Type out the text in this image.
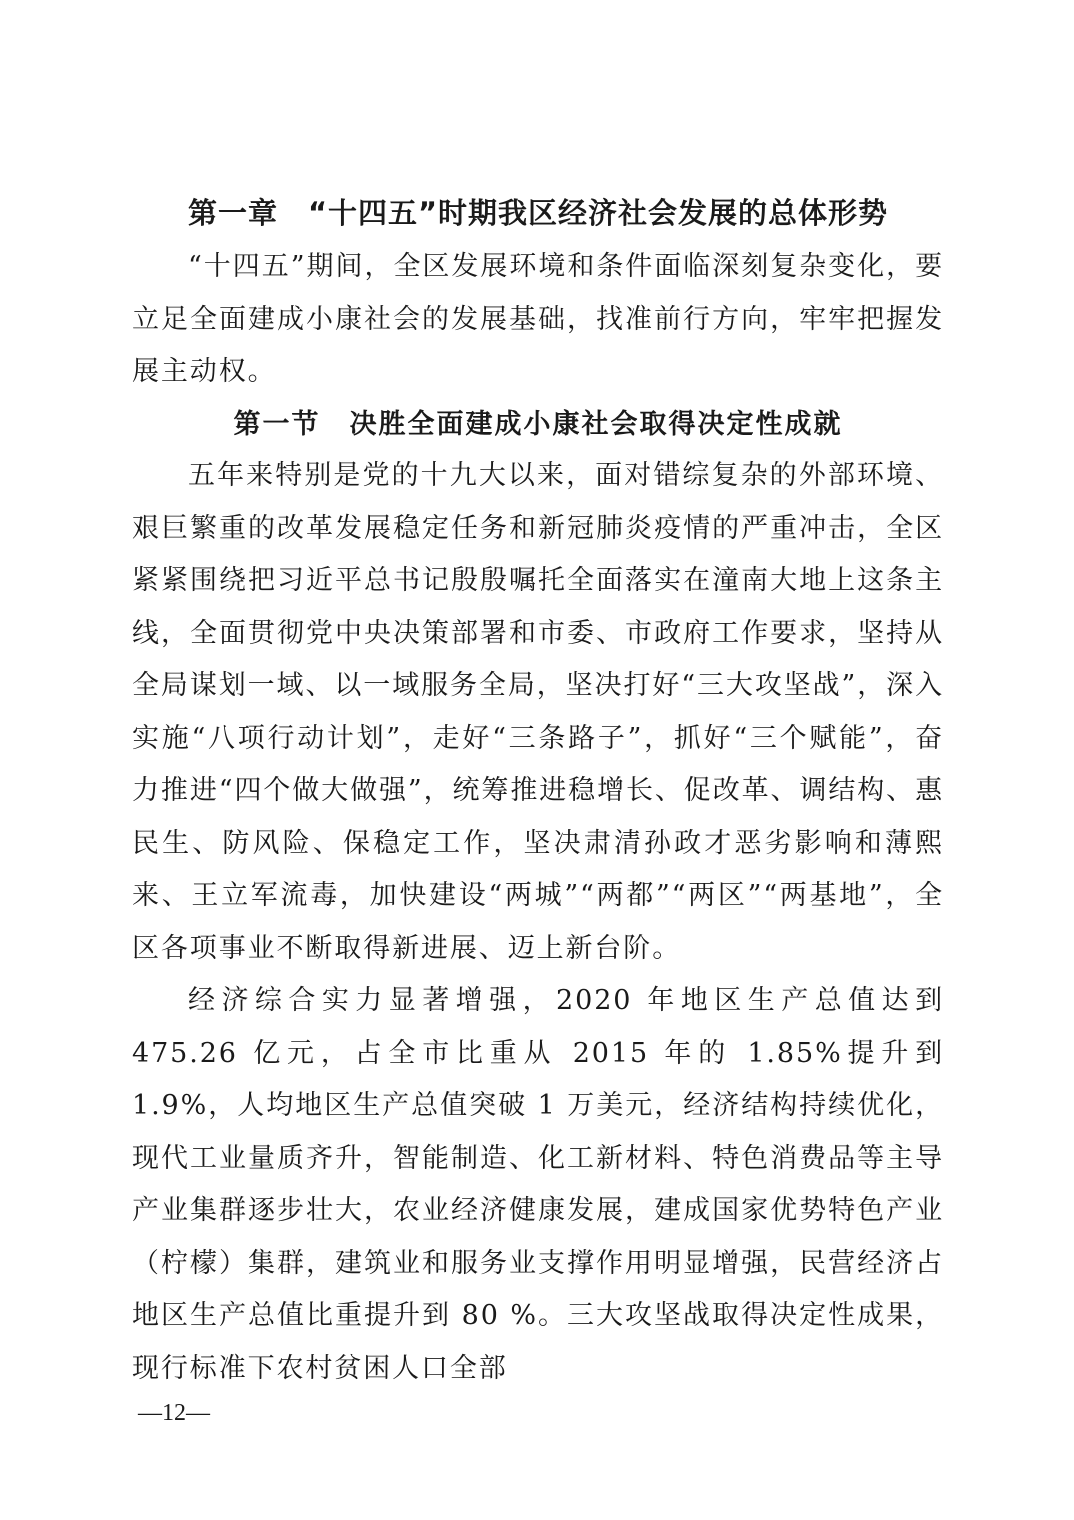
第一章　“十四五”时期我区经济社会发展的总体形势

“十四五”期间，全区发展环境和条件面临深刻复杂变化，要立足全面建成小康社会的发展基础，找准前行方向，牢牢把握发展主动权。

第一节　决胜全面建成小康社会取得决定性成就

五年来特别是党的十九大以来，面对错综复杂的外部环境、艰巨繁重的改革发展稳定任务和新冠肺炎疫情的严重冲击，全区紧紧围绕把习近平总书记殷殷嘱托全面落实在潼南大地上这条主线，全面贯彻党中央决策部署和市委、市政府工作要求，坚持从全局谋划一域、以一域服务全局，坚决打好“三大攻坚战”，深入实施“八项行动计划”，走好“三条路子”，抓好“三个赋能”，奋力推进“四个做大做强”，统筹推进稳增长、促改革、调结构、惠民生、防风险、保稳定工作，坚决肃清孙政才恶劣影响和薄熙来、王立军流毒，加快建设“两城”“两都”“两区”“两基地”，全区各项事业不断取得新进展、迈上新台阶。

经济综合实力显著增强，2020 年地区生产总值达到 475.26 亿元，占全市比重从 2015 年的 1.85%提升到 1.9%，人均地区生产总值突破 1 万美元，经济结构持续优化，现代工业量质齐升，智能制造、化工新材料、特色消费品等主导产业集群逐步壮大，农业经济健康发展，建成国家优势特色产业（柠檬）集群，建筑业和服务业支撑作用明显增强，民营经济占地区生产总值比重提升到 80 %。三大攻坚战取得决定性成果，现行标准下农村贫困人口全部

—12—
